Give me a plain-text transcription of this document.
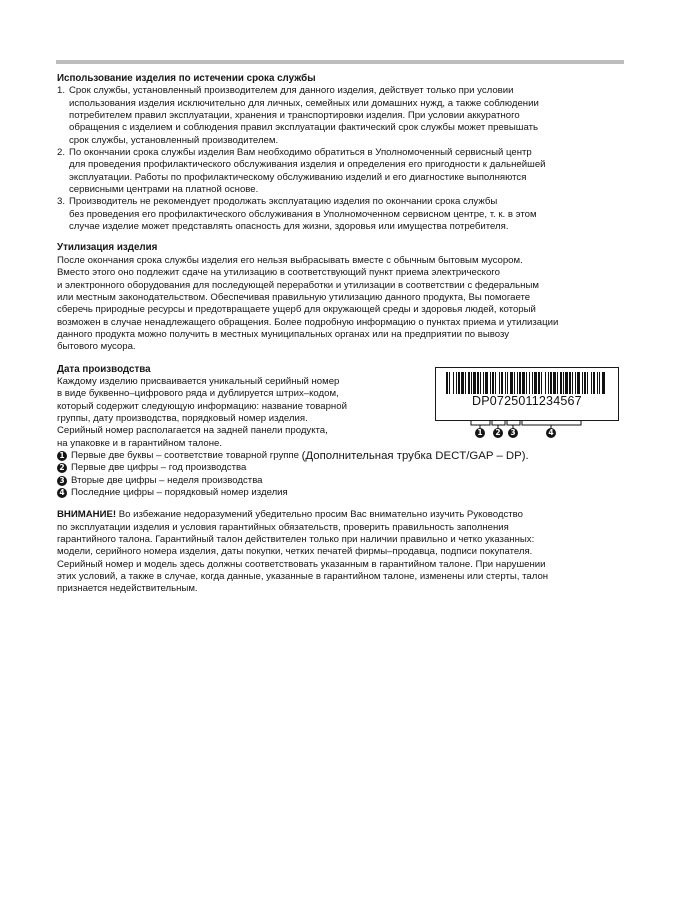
Использование изделия по истечении срока службы

1. Срок службы, установленный производителем для данного изделия, действует только при условии
использования изделия исключительно для личных, семейных или домашних нужд, а также соблюдении
потребителем правил эксплуатации, хранения и транспортировки изделия. При условии аккуратного
обращения с изделием и соблюдения правил эксплуатации фактический срок службы может превышать
срок службы, установленный производителем.
2. По окончании срока службы изделия Вам необходимо обратиться в Уполномоченный сервисный центр
для проведения профилактического обслуживания изделия и определения его пригодности к дальнейшей
эксплуатации. Работы по профилактическому обслуживанию изделий и его диагностике выполняются
сервисными центрами на платной основе.
3. Производитель не рекомендует продолжать эксплуатацию изделия по окончании срока службы
без проведения его профилактического обслуживания в Уполномоченном сервисном центре, т. к. в этом
случае изделие может представлять опасность для жизни, здоровья или имущества потребителя.

Утилизация изделия

После окончания срока службы изделия его нельзя выбрасывать вместе с обычным бытовым мусором.
Вместо этого оно подлежит сдаче на утилизацию в соответствующий пункт приема электрического
и электронного оборудования для последующей переработки и утилизации в соответствии с федеральным
или местным законодательством. Обеспечивая правильную утилизацию данного продукта, Вы помогаете
сберечь природные ресурсы и предотвращаете ущерб для окружающей среды и здоровья людей, который
возможен в случае ненадлежащего обращения. Более подробную информацию о пунктах приема и утилизации
данного продукта можно получить в местных муниципальных органах или на предприятии по вывозу
бытового мусора.

Дата производства

Каждому изделию присваивается уникальный серийный номер
в виде буквенно–цифрового ряда и дублируется штрих–кодом,
который содержит следующую информацию: название товарной
группы, дату производства, порядковый номер изделия.
Серийный номер располагается на задней панели продукта,
на упаковке и в гарантийном талоне.
DP0725011234567
1	2	3	4
1 Первые две буквы – соответствие товарной группе (Дополнительная трубка DECT/GAP – DP).
2 Первые две цифры – год производства
3 Вторые две цифры – неделя производства
4 Последние цифры – порядковый номер изделия
ВНИМАНИЕ! Во избежание недоразумений убедительно просим Вас внимательно изучить Руководство
по эксплуатации изделия и условия гарантийных обязательств, проверить правильность заполнения
гарантийного талона. Гарантийный талон действителен только при наличии правильно и четко указанных:
модели, серийного номера изделия, даты покупки, четких печатей фирмы–продавца, подписи покупателя.
Серийный номер и модель здесь должны соответствовать указанным в гарантийном талоне. При нарушении
этих условий, а также в случае, когда данные, указанные в гарантийном талоне, изменены или стерты, талон
признается недействительным.
